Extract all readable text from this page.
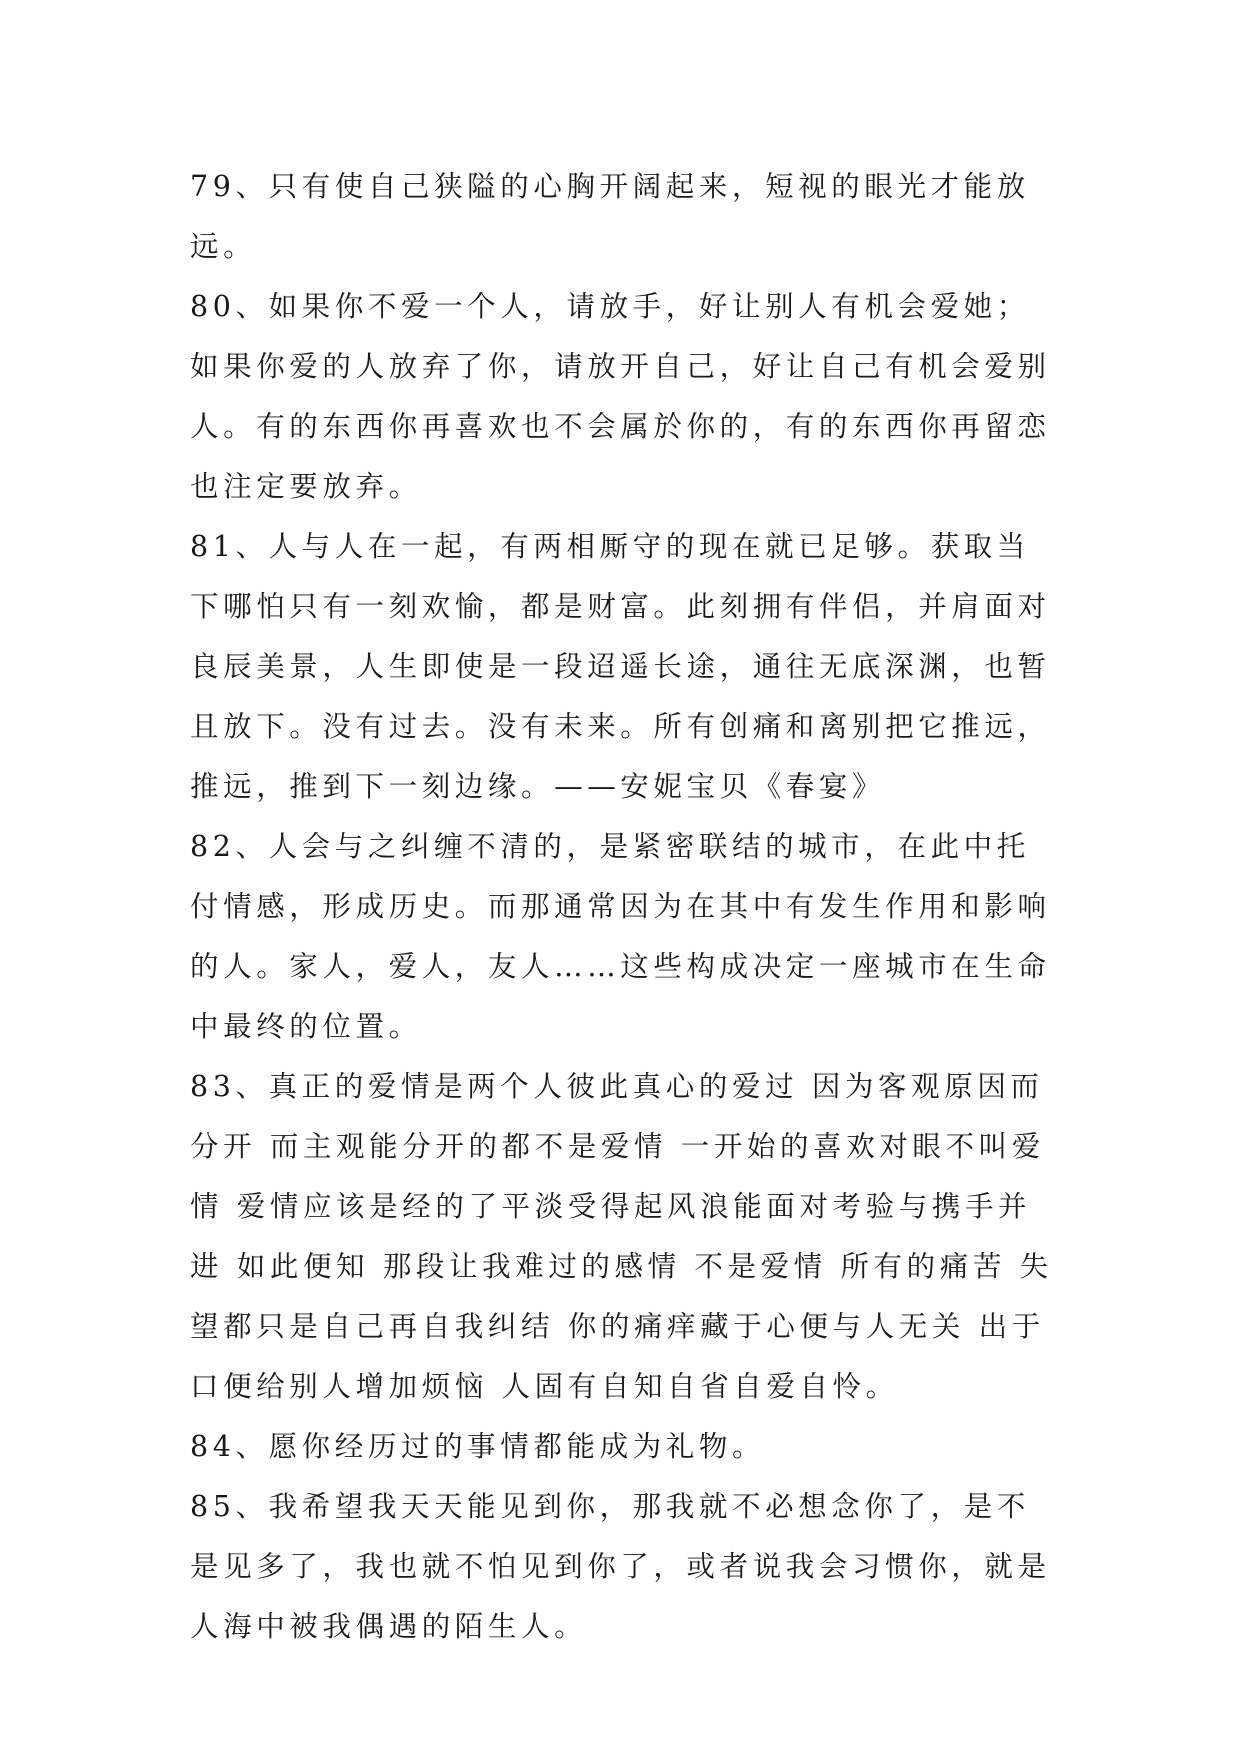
79、只有使自己狭隘的心胸开阔起来，短视的眼光才能放远。

80、如果你不爱一个人，请放手，好让别人有机会爱她；如果你爱的人放弃了你，请放开自己，好让自己有机会爱别人。有的东西你再喜欢也不会属於你的，有的东西你再留恋也注定要放弃。

81、人与人在一起，有两相厮守的现在就已足够。获取当下哪怕只有一刻欢愉，都是财富。此刻拥有伴侣，并肩面对良辰美景，人生即使是一段迢遥长途，通往无底深渊，也暂且放下。没有过去。没有未来。所有创痛和离别把它推远，推远，推到下一刻边缘。——安妮宝贝《春宴》

82、人会与之纠缠不清的，是紧密联结的城市，在此中托付情感，形成历史。而那通常因为在其中有发生作用和影响的人。家人，爱人，友人……这些构成决定一座城市在生命中最终的位置。

83、真正的爱情是两个人彼此真心的爱过 因为客观原因而分开 而主观能分开的都不是爱情 一开始的喜欢对眼不叫爱情 爱情应该是经的了平淡受得起风浪能面对考验与携手并进 如此便知 那段让我难过的感情 不是爱情 所有的痛苦 失望都只是自己再自我纠结 你的痛痒藏于心便与人无关 出于口便给别人增加烦恼 人固有自知自省自爱自怜。

84、愿你经历过的事情都能成为礼物。

85、我希望我天天能见到你，那我就不必想念你了，是不是见多了，我也就不怕见到你了，或者说我会习惯你，就是人海中被我偶遇的陌生人。
